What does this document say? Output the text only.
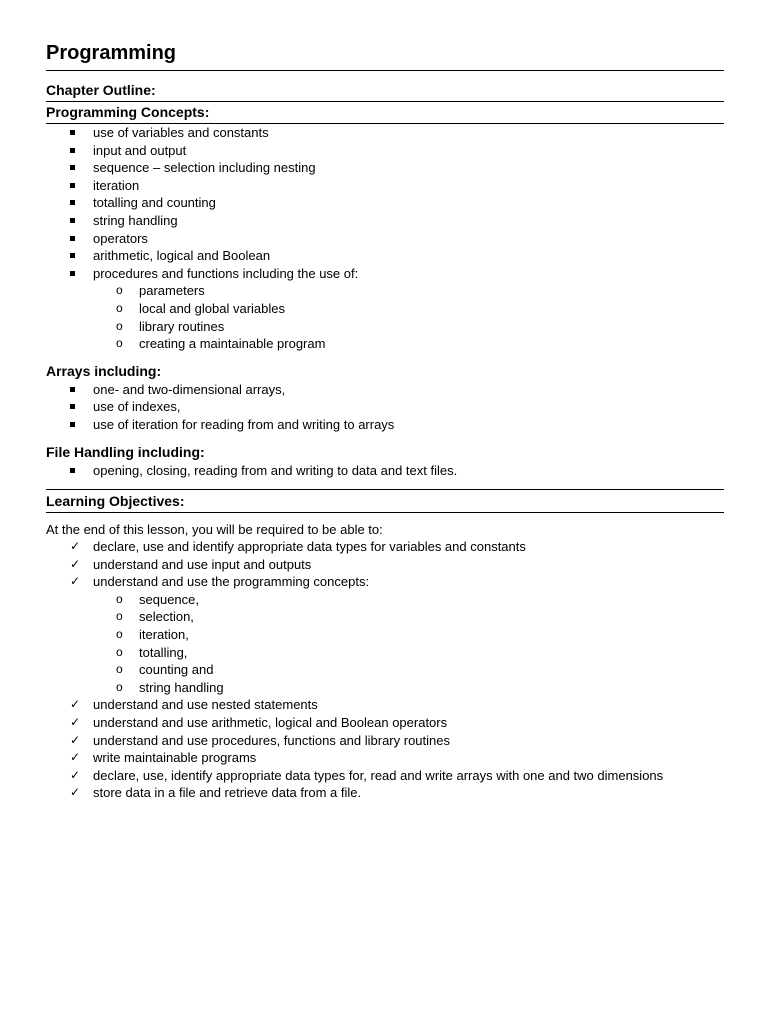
Programming
Chapter Outline:
Programming Concepts:
use of variables and constants
input and output
sequence – selection including nesting
iteration
totalling and counting
string handling
operators
arithmetic, logical and Boolean
procedures and functions including the use of:
o parameters
o local and global variables
o library routines
o creating a maintainable program
Arrays including:
one- and two-dimensional arrays,
use of indexes,
use of iteration for reading from and writing to arrays
File Handling including:
opening, closing, reading from and writing to data and text files.
Learning Objectives:

At the end of this lesson, you will be required to be able to:

✓ declare, use and identify appropriate data types for variables and constants
✓ understand and use input and outputs
✓ understand and use the programming concepts:
o sequence,
o selection,
o iteration,
o totalling,
o counting and
o string handling
✓ understand and use nested statements
✓ understand and use arithmetic, logical and Boolean operators
✓ understand and use procedures, functions and library routines
✓ write maintainable programs
✓ declare, use, identify appropriate data types for, read and write arrays with one and two dimensions
✓ store data in a file and retrieve data from a file.
